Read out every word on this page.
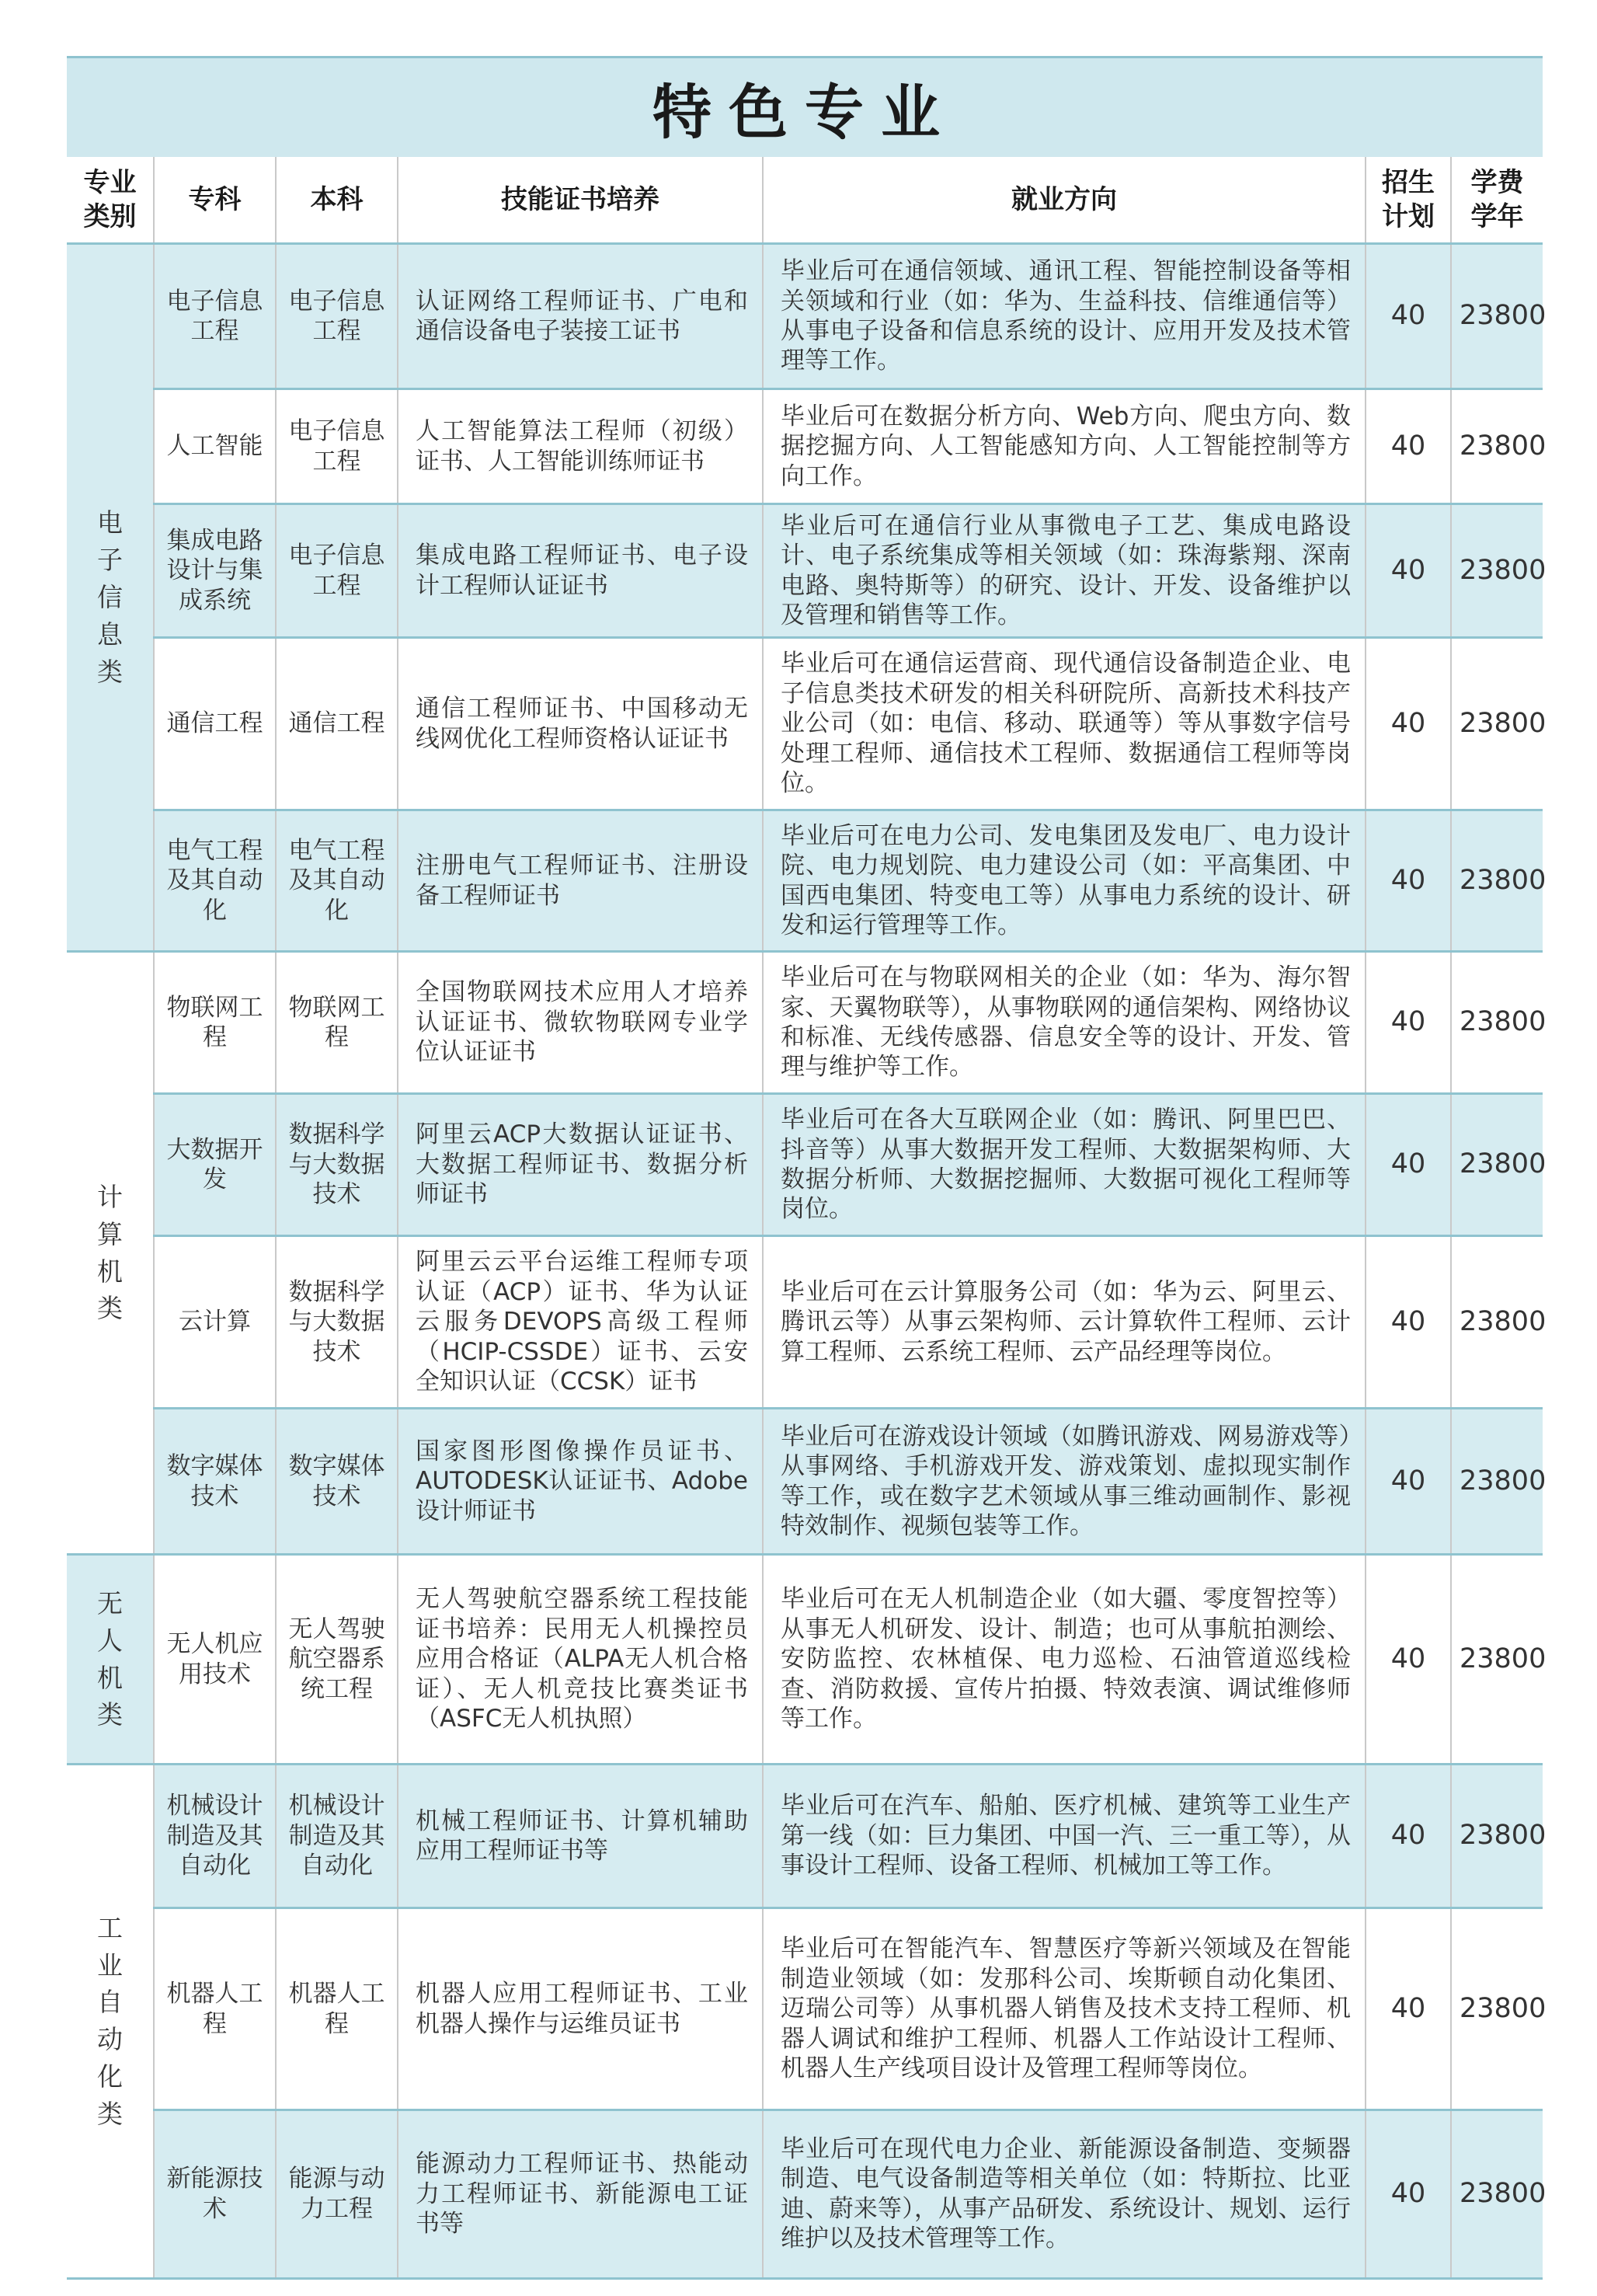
特色专业
专业类别	专科	本科	技能证书培养	就业方向	招生计划	学费学年
电子信息类	电子信息工程	电子信息工程	认证网络工程师证书、广电和通信设备电子装接工证书	毕业后可在通信领域、通讯工程、智能控制设备等相关领域和行业（如：华为、生益科技、信维通信等）从事电子设备和信息系统的设计、应用开发及技术管理等工作。	40	23800
	人工智能	电子信息工程	人工智能算法工程师（初级）证书、人工智能训练师证书	毕业后可在数据分析方向、Web方向、爬虫方向、数据挖掘方向、人工智能感知方向、人工智能控制等方向工作。	40	23800
	集成电路设计与集成系统	电子信息工程	集成电路工程师证书、电子设计工程师认证证书	毕业后可在通信行业从事微电子工艺、集成电路设计、电子系统集成等相关领域（如：珠海紫翔、深南电路、奥特斯等）的研究、设计、开发、设备维护以及管理和销售等工作。	40	23800
	通信工程	通信工程	通信工程师证书、中国移动无线网优化工程师资格认证证书	毕业后可在通信运营商、现代通信设备制造企业、电子信息类技术研发的相关科研院所、高新技术科技产业公司（如：电信、移动、联通等）等从事数字信号处理工程师、通信技术工程师、数据通信工程师等岗位。	40	23800
	电气工程及其自动化	电气工程及其自动化	注册电气工程师证书、注册设备工程师证书	毕业后可在电力公司、发电集团及发电厂、电力设计院、电力规划院、电力建设公司（如：平高集团、中国西电集团、特变电工等）从事电力系统的设计、研发和运行管理等工作。	40	23800
计算机类	物联网工程	物联网工程	全国物联网技术应用人才培养认证证书、微软物联网专业学位认证证书	毕业后可在与物联网相关的企业（如：华为、海尔智家、天翼物联等），从事物联网的通信架构、网络协议和标准、无线传感器、信息安全等的设计、开发、管理与维护等工作。	40	23800
	大数据开发	数据科学与大数据技术	阿里云ACP大数据认证证书、大数据工程师证书、数据分析师证书	毕业后可在各大互联网企业（如：腾讯、阿里巴巴、抖音等）从事大数据开发工程师、大数据架构师、大数据分析师、大数据挖掘师、大数据可视化工程师等岗位。	40	23800
	云计算	数据科学与大数据技术	阿里云云平台运维工程师专项认证（ACP）证书、华为认证云服务DEVOPS高级工程师（HCIP-CSSDE）证书、云安全知识认证（CCSK）证书	毕业后可在云计算服务公司（如：华为云、阿里云、腾讯云等）从事云架构师、云计算软件工程师、云计算工程师、云系统工程师、云产品经理等岗位。	40	23800
	数字媒体技术	数字媒体技术	国家图形图像操作员证书、AUTODESK认证证书、Adobe设计师证书	毕业后可在游戏设计领域（如腾讯游戏、网易游戏等）从事网络、手机游戏开发、游戏策划、虚拟现实制作等工作，或在数字艺术领域从事三维动画制作、影视特效制作、视频包装等工作。	40	23800
无人机类	无人机应用技术	无人驾驶航空器系统工程	无人驾驶航空器系统工程技能证书培养：民用无人机操控员应用合格证（ALPA无人机合格证）、无人机竞技比赛类证书（ASFC无人机执照）	毕业后可在无人机制造企业（如大疆、零度智控等）从事无人机研发、设计、制造；也可从事航拍测绘、安防监控、农林植保、电力巡检、石油管道巡线检查、消防救援、宣传片拍摄、特效表演、调试维修师等工作。	40	23800
工业自动化类	机械设计制造及其自动化	机械设计制造及其自动化	机械工程师证书、计算机辅助应用工程师证书等	毕业后可在汽车、船舶、医疗机械、建筑等工业生产第一线（如：巨力集团、中国一汽、三一重工等），从事设计工程师、设备工程师、机械加工等工作。	40	23800
	机器人工程	机器人工程	机器人应用工程师证书、工业机器人操作与运维员证书	毕业后可在智能汽车、智慧医疗等新兴领域及在智能制造业领域（如：发那科公司、埃斯顿自动化集团、迈瑞公司等）从事机器人销售及技术支持工程师、机器人调试和维护工程师、机器人工作站设计工程师、机器人生产线项目设计及管理工程师等岗位。	40	23800
	新能源技术	能源与动力工程	能源动力工程师证书、热能动力工程师证书、新能源电工证书等	毕业后可在现代电力企业、新能源设备制造、变频器制造、电气设备制造等相关单位（如：特斯拉、比亚迪、蔚来等），从事产品研发、系统设计、规划、运行维护以及技术管理等工作。	40	23800
